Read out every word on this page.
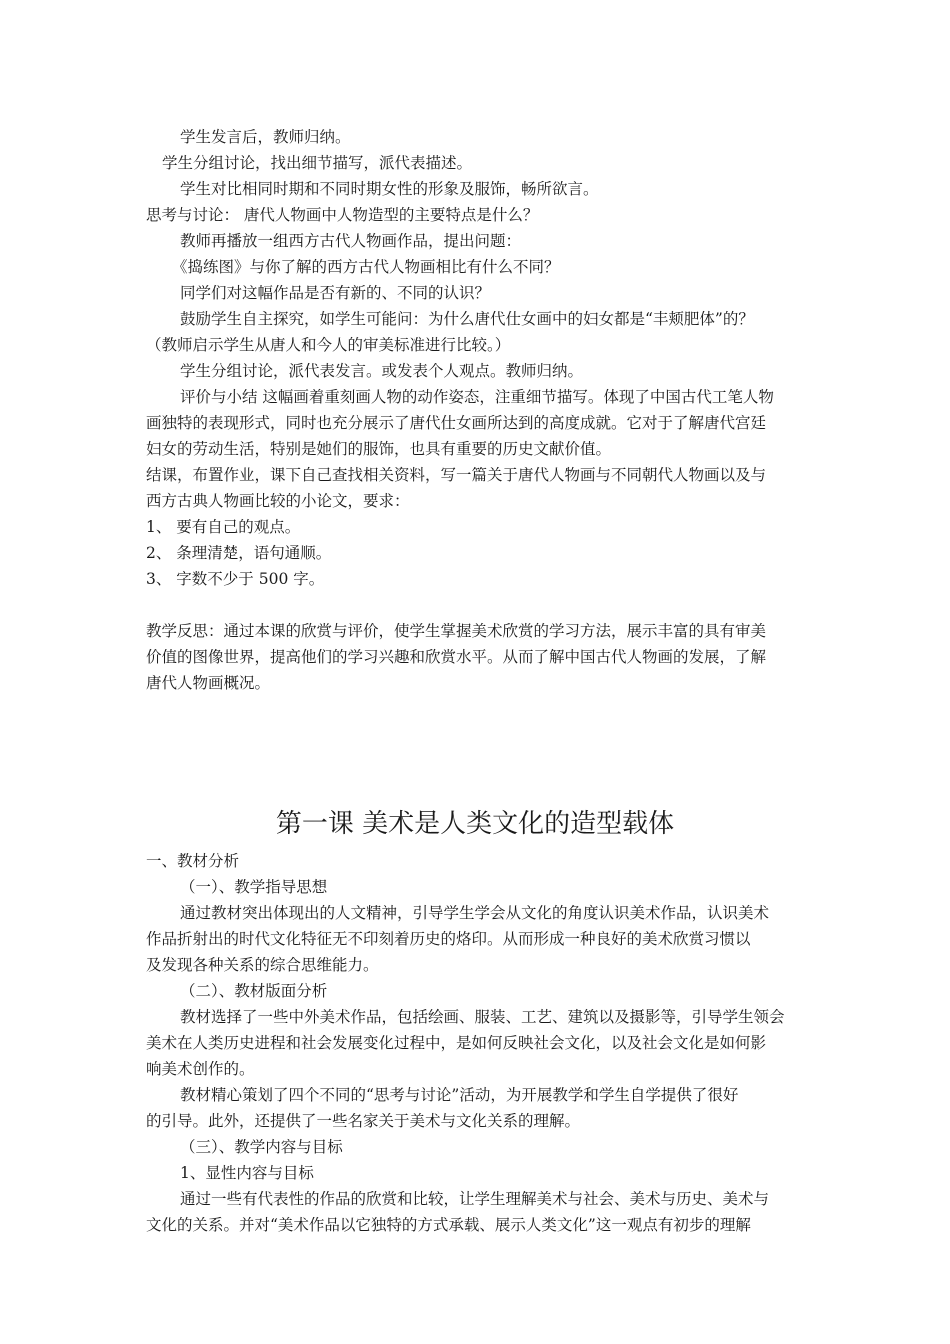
学生发言后，教师归纳。
学生分组讨论，找出细节描写，派代表描述。
学生对比相同时期和不同时期女性的形象及服饰，畅所欲言。
思考与讨论： 唐代人物画中人物造型的主要特点是什么？
教师再播放一组西方古代人物画作品，提出问题：
《捣练图》与你了解的西方古代人物画相比有什么不同？
同学们对这幅作品是否有新的、不同的认识？
鼓励学生自主探究，如学生可能问：为什么唐代仕女画中的妇女都是“丰颊肥体”的？
（教师启示学生从唐人和今人的审美标准进行比较。）
学生分组讨论，派代表发言。或发表个人观点。教师归纳。
评价与小结 这幅画着重刻画人物的动作姿态，注重细节描写。体现了中国古代工笔人物
画独特的表现形式，同时也充分展示了唐代仕女画所达到的高度成就。它对于了解唐代宫廷
妇女的劳动生活，特别是她们的服饰，也具有重要的历史文献价值。
结课，布置作业，课下自己查找相关资料，写一篇关于唐代人物画与不同朝代人物画以及与
西方古典人物画比较的小论文，要求：
1、 要有自己的观点。
2、 条理清楚，语句通顺。
3、 字数不少于 500 字。
教学反思：通过本课的欣赏与评价，使学生掌握美术欣赏的学习方法，展示丰富的具有审美
价值的图像世界，提高他们的学习兴趣和欣赏水平。从而了解中国古代人物画的发展，了解
唐代人物画概况。
第一课 美术是人类文化的造型载体
一、教材分析
（一）、教学指导思想
通过教材突出体现出的人文精神，引导学生学会从文化的角度认识美术作品，认识美术
作品折射出的时代文化特征无不印刻着历史的烙印。从而形成一种良好的美术欣赏习惯以
及发现各种关系的综合思维能力。
（二）、教材版面分析
教材选择了一些中外美术作品，包括绘画、服装、工艺、建筑以及摄影等，引导学生领会
美术在人类历史进程和社会发展变化过程中，是如何反映社会文化，以及社会文化是如何影
响美术创作的。
教材精心策划了四个不同的“思考与讨论”活动，为开展教学和学生自学提供了很好
的引导。此外，还提供了一些名家关于美术与文化关系的理解。
（三）、教学内容与目标
1、显性内容与目标
通过一些有代表性的作品的欣赏和比较，让学生理解美术与社会、美术与历史、美术与
文化的关系。并对“美术作品以它独特的方式承载、展示人类文化”这一观点有初步的理解
